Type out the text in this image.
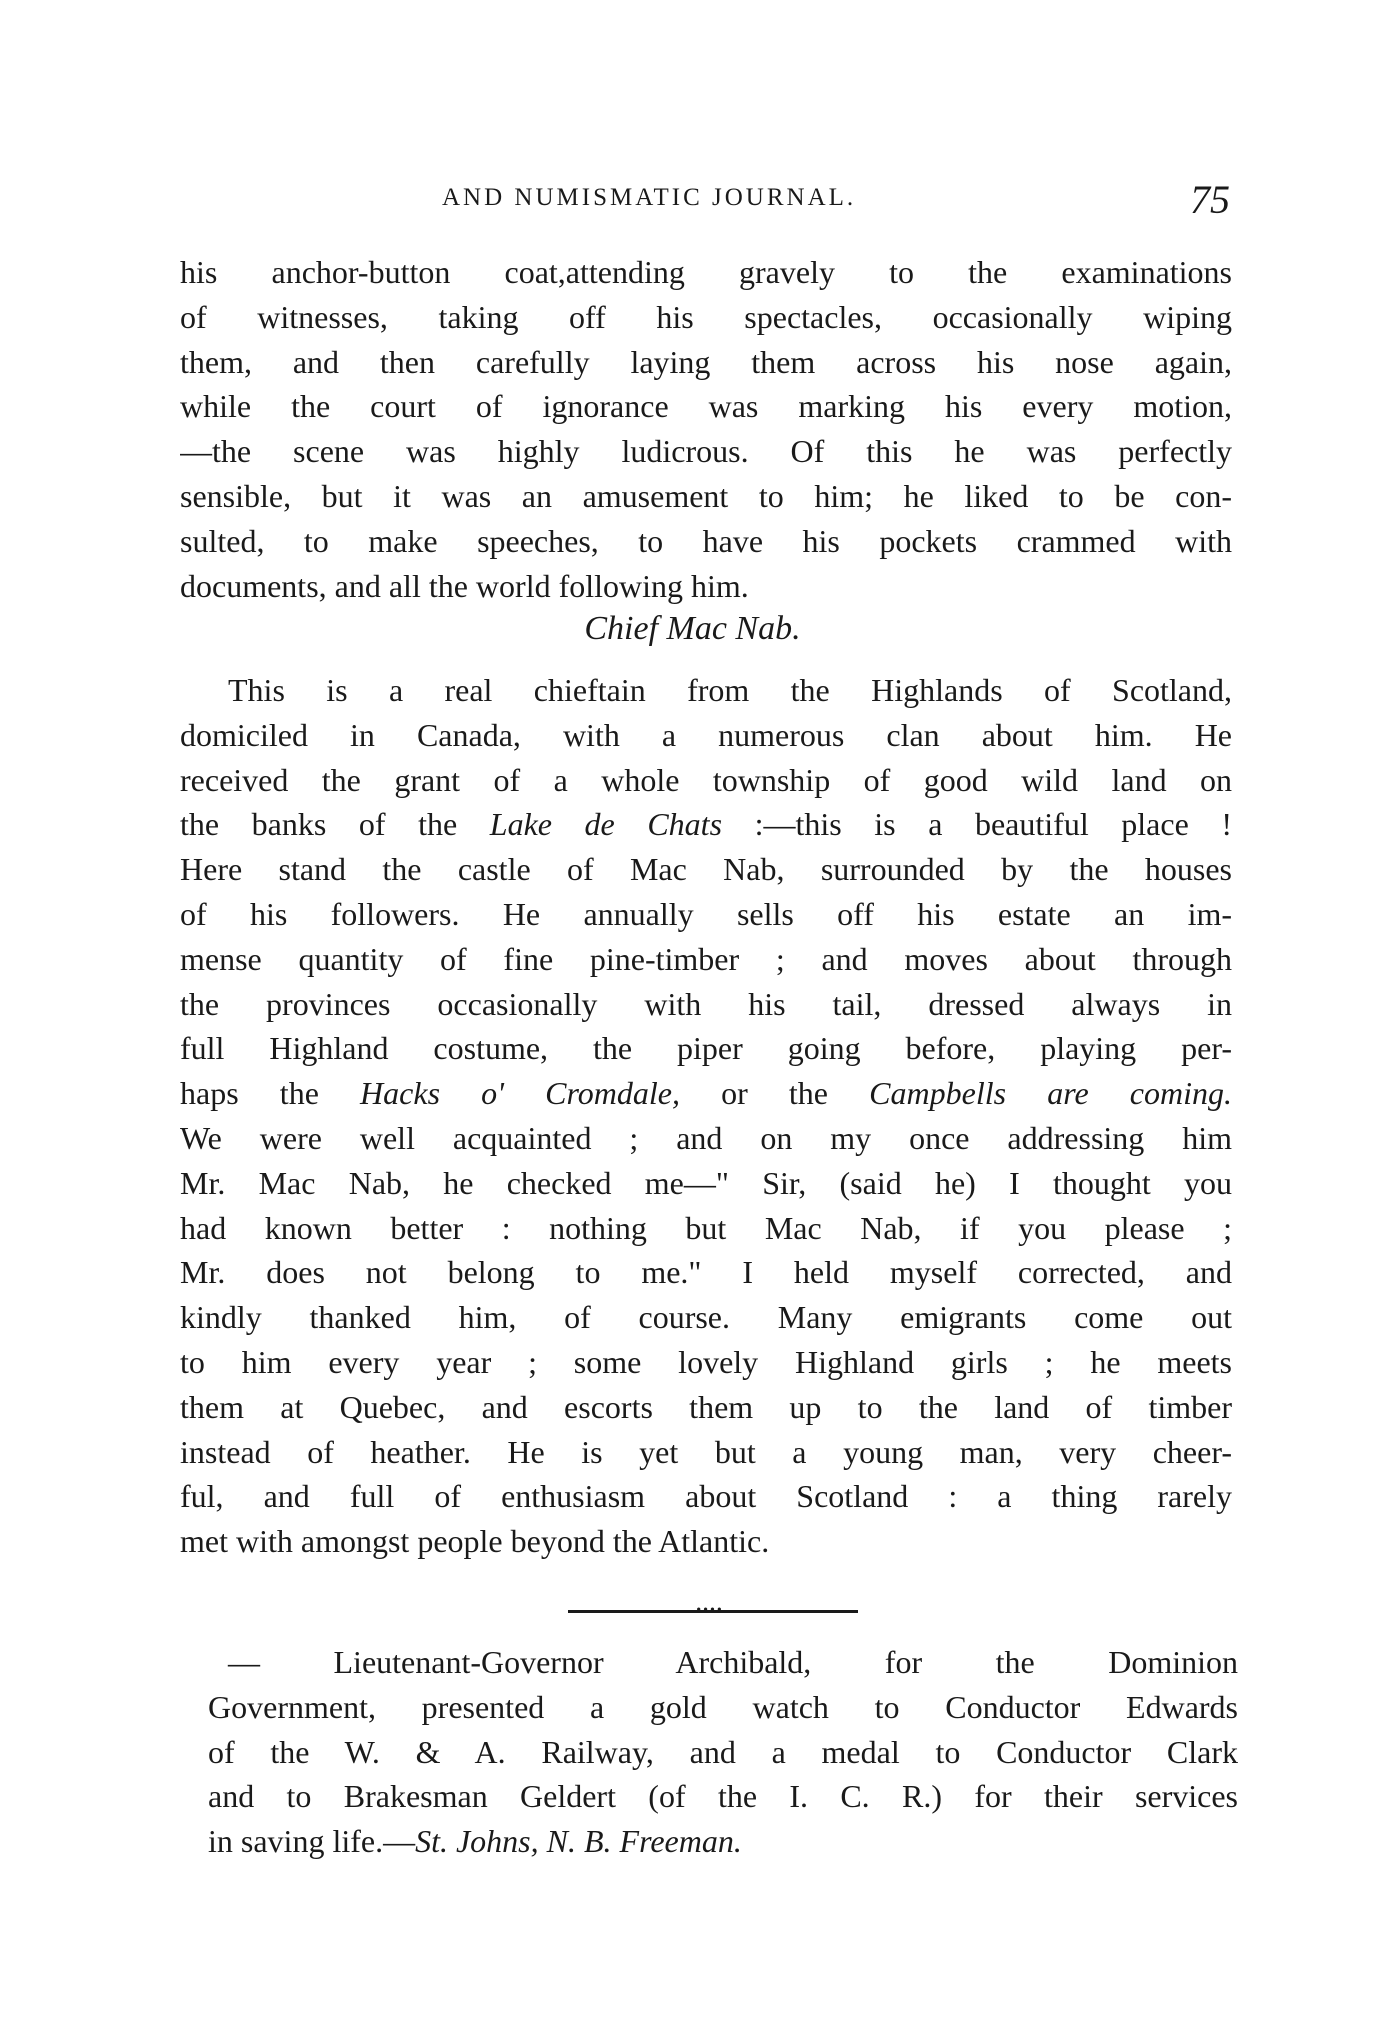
AND NUMISMATIC JOURNAL.	75
his anchor-button coat,attending gravely to the examinations
of witnesses, taking off his spectacles, occasionally wiping
them, and then carefully laying them across his nose again,
while the court of ignorance was marking his every motion,
—the scene was highly ludicrous. Of this he was perfectly
sensible, but it was an amusement to him; he liked to be con-
sulted, to make speeches, to have his pockets crammed with
documents, and all the world following him.
Chief Mac Nab.
This is a real chieftain from the Highlands of Scotland,
domiciled in Canada, with a numerous clan about him. He
received the grant of a whole township of good wild land on
the banks of the Lake de Chats :—this is a beautiful place !
Here stand the castle of Mac Nab, surrounded by the houses
of his followers. He annually sells off his estate an im-
mense quantity of fine pine-timber ; and moves about through
the provinces occasionally with his tail, dressed always in
full Highland costume, the piper going before, playing per-
haps the Hacks o' Cromdale, or the Campbells are coming.
We were well acquainted ; and on my once addressing him
Mr. Mac Nab, he checked me—" Sir, (said he) I thought you
had known better : nothing but Mac Nab, if you please ;
Mr. does not belong to me." I held myself corrected, and
kindly thanked him, of course. Many emigrants come out
to him every year ; some lovely Highland girls ; he meets
them at Quebec, and escorts them up to the land of timber
instead of heather. He is yet but a young man, very cheer-
ful, and full of enthusiasm about Scotland : a thing rarely
met with amongst people beyond the Atlantic.
••••
— Lieutenant-Governor Archibald, for the Dominion
Government, presented a gold watch to Conductor Edwards
of the W. & A. Railway, and a medal to Conductor Clark
and to Brakesman Geldert (of the I. C. R.) for their services
in saving life.—St. Johns, N. B. Freeman.
